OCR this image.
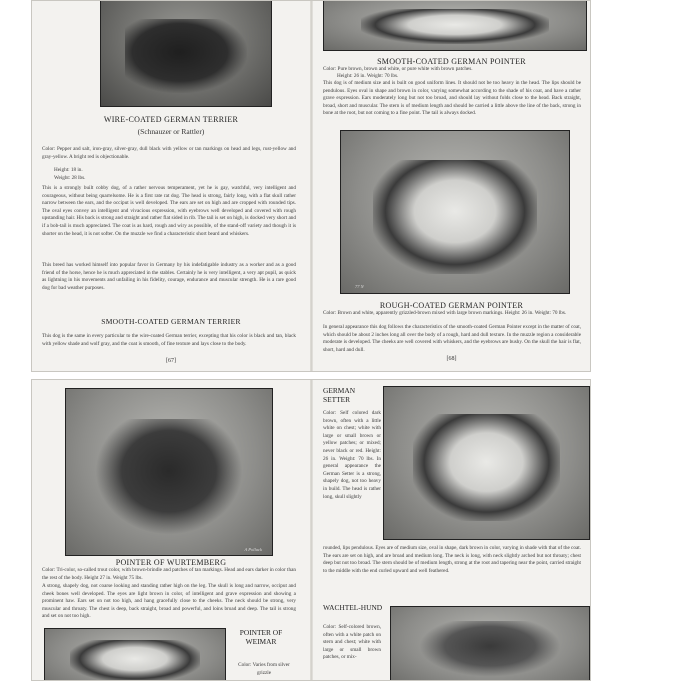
WIRE-COATED GERMAN TERRIER
(Schnauzer or Rattler)
Color: Pepper and salt, iron-gray, silver-gray, dull black with yellow or tan markings on head and legs, rust-yellow and gray-yellow. A bright red is objectionable.
Height: 18 in.
Weight: 28 lbs.
This is a strongly built cobby dog, of a rather nervous temperament, yet he is gay, watchful, very intelligent and courageous, without being quarrelsome. He is a first rate rat dog. The head is strong, fairly long, with a flat skull rather narrow between the ears, and the occiput is well developed. The ears are set on high and are cropped with rounded tips. The oval eyes convey an intelligent and vivacious expression, with eyebrows well developed and covered with rough upstanding hair. His back is strong and straight and rather flat sided in rib. The tail is set on high, is docked very short and if a bob-tail is much appreciated. The coat is as hard, rough and wiry as possible, of the stand-off variety and though it is shorter on the head, it is not softer. On the muzzle we find a characteristic short beard and whiskers.
This breed has worked himself into popular favor in Germany by his indefatigable industry as a worker and as a good friend of the horse, hence he is much appreciated in the stables. Certainly he is very intelligent, a very apt pupil, as quick as lightning in his movements and unfailing in his fidelity, courage, endurance and muscular strength. He is a rare good dog for bad weather purposes.
SMOOTH-COATED GERMAN TERRIER
This dog is the same in every particular to the wire-coated German terrier, excepting that his color is black and tan, black with yellow shade and wolf gray, and the coat is smooth, of fine texture and lays close to the body.
[67]
SMOOTH-COATED GERMAN POINTER
Color: Pure brown, brown and white, or pure white with brown patches.
Height: 26 in. Weight: 70 lbs.
This dog is of medium size and is built on good uniform lines. It should not be too heavy in the head. The lips should be pendulous. Eyes oval in shape and brown in color, varying somewhat according to the shade of his coat, and have a rather grave expression. Ears moderately long but not too broad, and should lay without folds close to the head. Back straight, broad, short and muscular. The stern is of medium length and should be carried a little above the line of the back, strong in bone at the root, but not coming to a fine point. The tail is always docked.
77 N
ROUGH-COATED GERMAN POINTER
Color: Brown and white, apparently grizzled-brown mixed with large brown markings. Height: 26 in. Weight: 70 lbs.
In general appearance this dog follows the characteristics of the smooth-coated German Pointer except in the matter of coat, which should be about 2 inches long all over the body of a rough, hard and dull texture. In the muzzle region a considerable moderate is developed. The cheeks are well covered with whiskers, and the eyebrows are bushy. On the skull the hair is flat, short, hard and dull.
[68]
A Pollack
POINTER OF WURTEMBERG
Color: Tri-color, so-called trout color, with brown-brindle and patches of tan markings. Head and ears darker in color than the rest of the body. Height 27 in. Weight 75 lbs.
A strong, shapely dog, not coarse looking and standing rather high on the leg. The skull is long and narrow, occiput and cheek bones well developed. The eyes are light brown in color, of intelligent and grave expression and showing a prominent haw. Ears set on not too high, and hang gracefully close to the cheeks. The neck should be strong, very muscular and throaty. The chest is deep, back straight, broad and powerful, and loins broad and deep. The tail is strong and set on not too high.
POINTER OF WEIMAR
Color: Varies from silver grizzle
GERMAN SETTER
Color: Self colored dark brown, often with a little white on chest; white with large or small brown or yellow patches; or mixed; never black or red. Height: 26 in. Weight: 70 lbs. In general appearance the German Setter is a strong, shapely dog, not too heavy in build. The head is rather long, skull slightly
rounded, lips pendulous. Eyes are of medium size, oval in shape, dark brown in color, varying in shade with that of the coat. The ears are set on high, and are broad and medium long. The neck is long, with neck slightly arched but not throaty; chest deep but not too broad. The stern should be of medium length, strong at the root and tapering near the point, carried straight to the middle with the end curled upward and well feathered.
WACHTEL-HUND
Color: Self-colored brown, often with a white patch on stern and chest; white with large or small brown patches, or mix-
